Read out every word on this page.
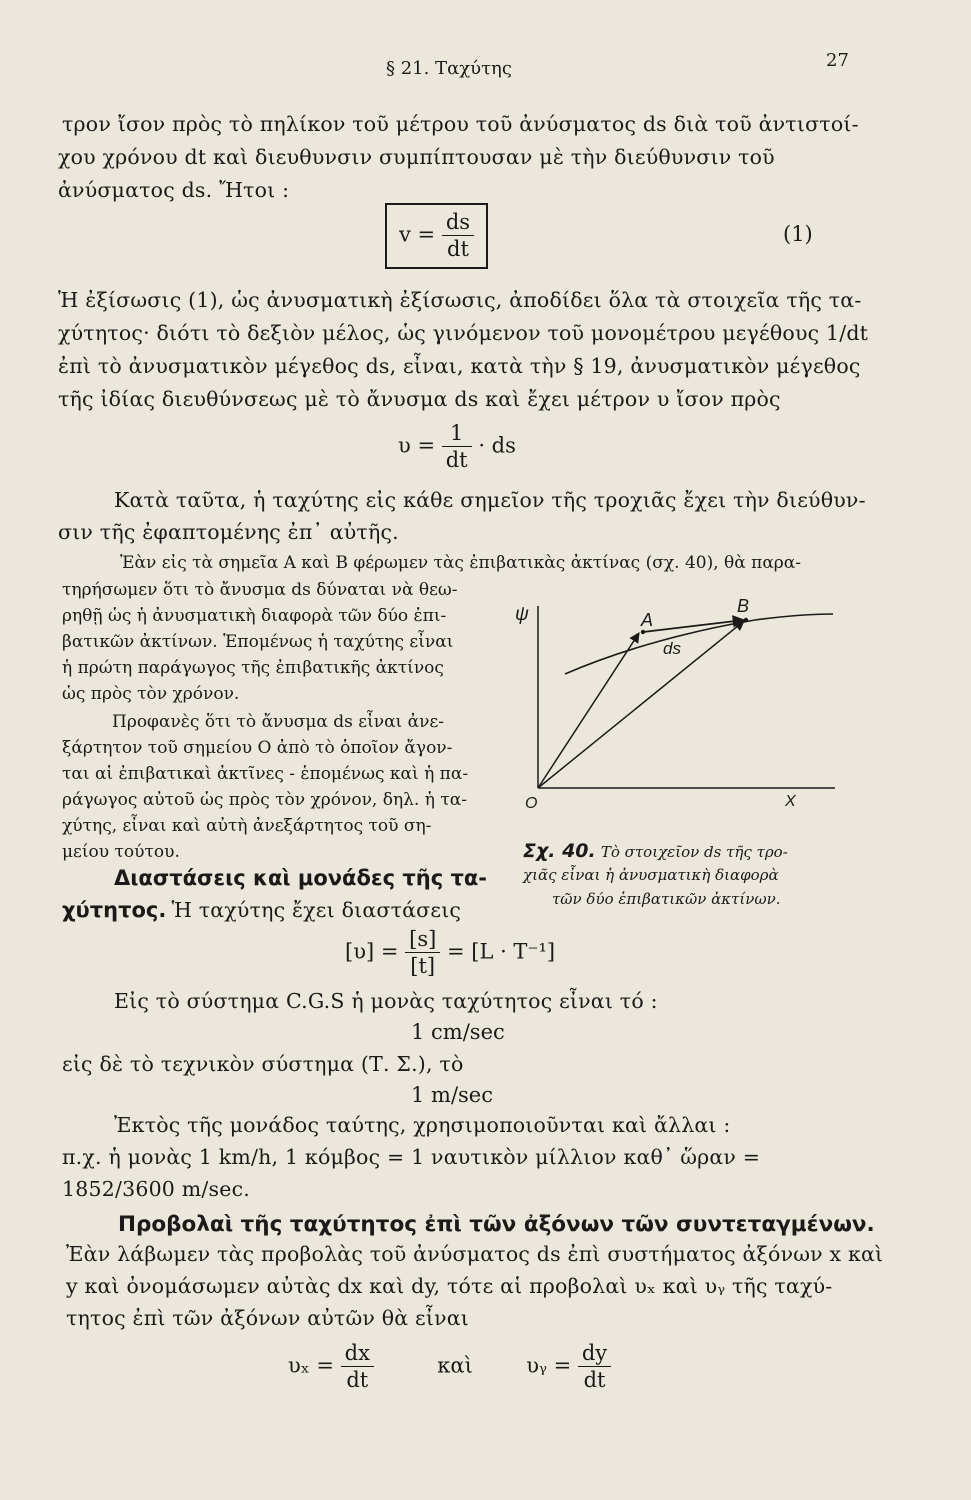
§ 21. Ταχύτης	27
τρον ἴσον πρὸς τὸ πηλίκον τοῦ μέτρου τοῦ ἀνύσματος ds διὰ τοῦ ἀντιστοί-
χου χρόνου dt καὶ διευθυνσιν συμπίπτουσαν μὲ τὴν διεύθυνσιν τοῦ
ἀνύσματος ds. Ἤτοι :
$v = \frac{ds}{dt}$	(1)
Ἡ ἐξίσωσις (1), ὡς ἀνυσματικὴ ἐξίσωσις, ἀποδίδει ὅλα τὰ στοιχεῖα τῆς τα-
χύτητος· διότι τὸ δεξιὸν μέλος, ὡς γινόμενον τοῦ μονομέτρου μεγέθους 1/dt
ἐπὶ τὸ ἀνυσματικὸν μέγεθος ds, εἶναι, κατὰ τὴν § 19, ἀνυσματικὸν μέγεθος
τῆς ἰδίας διευθύνσεως μὲ τὸ ἄνυσμα ds καὶ ἔχει μέτρον υ ἴσον πρὸς
$\upsilon = \frac{1}{dt}$ · ds
Κατὰ ταῦτα, ἡ ταχύτης εἰς κάθε σημεῖον τῆς τροχιᾶς ἔχει τὴν διεύθυν-
σιν τῆς ἐφαπτομένης ἐπ᾽ αὐτῆς.
Ἐὰν εἰς τὰ σημεῖα A καὶ B φέρωμεν τὰς ἐπιβατικὰς ἀκτίνας (σχ. 40), θὰ παρα-
τηρήσωμεν ὅτι τὸ ἄνυσμα ds δύναται νὰ θεω-
ρηθῇ ὡς ἡ ἀνυσματικὴ διαφορὰ τῶν δύο ἐπι-
βατικῶν ἀκτίνων. Ἑπομένως ἡ ταχύτης εἶναι
ἡ πρώτη παράγωγος τῆς ἐπιβατικῆς ἀκτίνος
ὡς πρὸς τὸν χρόνον.
Προφανὲς ὅτι τὸ ἄνυσμα ds εἶναι ἀνε-
ξάρτητον τοῦ σημείου O ἀπὸ τὸ ὁποῖον ἄγον-
ται αἱ ἐπιβατικαὶ ἀκτῖνες - ἑπομένως καὶ ἡ πα-
ράγωγος αὐτοῦ ὡς πρὸς τὸν χρόνον, δηλ. ἡ τα-
χύτης, εἶναι καὶ αὐτὴ ἀνεξάρτητος τοῦ ση-
μείου τούτου.
ψ	A
B
ds
O	X
Σχ. 40. Τὸ στοιχεῖον ds τῆς τρο-
χιᾶς εἶναι ἡ ἀνυσματικὴ διαφορὰ
τῶν δύο ἐπιβατικῶν ἀκτίνων.
Διαστάσεις καὶ μονάδες τῆς τα-
χύτητος. Ἡ ταχύτης ἔχει διαστάσεις
$[\upsilon] = \frac{[s]}{[t]} = [L \cdot T^{-1}]$
Εἰς τὸ σύστημα C.G.S ἡ μονὰς ταχύτητος εἶναι τό :
1 cm/sec
εἰς δὲ τὸ τεχνικὸν σύστημα (Τ. Σ.), τὸ
1 m/sec
Ἐκτὸς τῆς μονάδος ταύτης, χρησιμοποιοῦνται καὶ ἄλλαι :
π.χ. ἡ μονὰς 1 km/h, 1 κόμβος = 1 ναυτικὸν μίλλιον καθ᾽ ὥραν =
1852/3600 m/sec.
Προβολαὶ τῆς ταχύτητος ἐπὶ τῶν ἀξόνων τῶν συντεταγμένων.
Ἐὰν λάβωμεν τὰς προβολὰς τοῦ ἀνύσματος ds ἐπὶ συστήματος ἀξόνων x καὶ
y καὶ ὀνομάσωμεν αὐτὰς dx καὶ dy, τότε αἱ προβολαὶ υₓ καὶ υᵧ τῆς ταχύ-
τητος ἐπὶ τῶν ἀξόνων αὐτῶν θὰ εἶναι
$\upsilon_x = \frac{dx}{dt}$	καὶ	υᵧ = $\frac{dy}{dt}$
